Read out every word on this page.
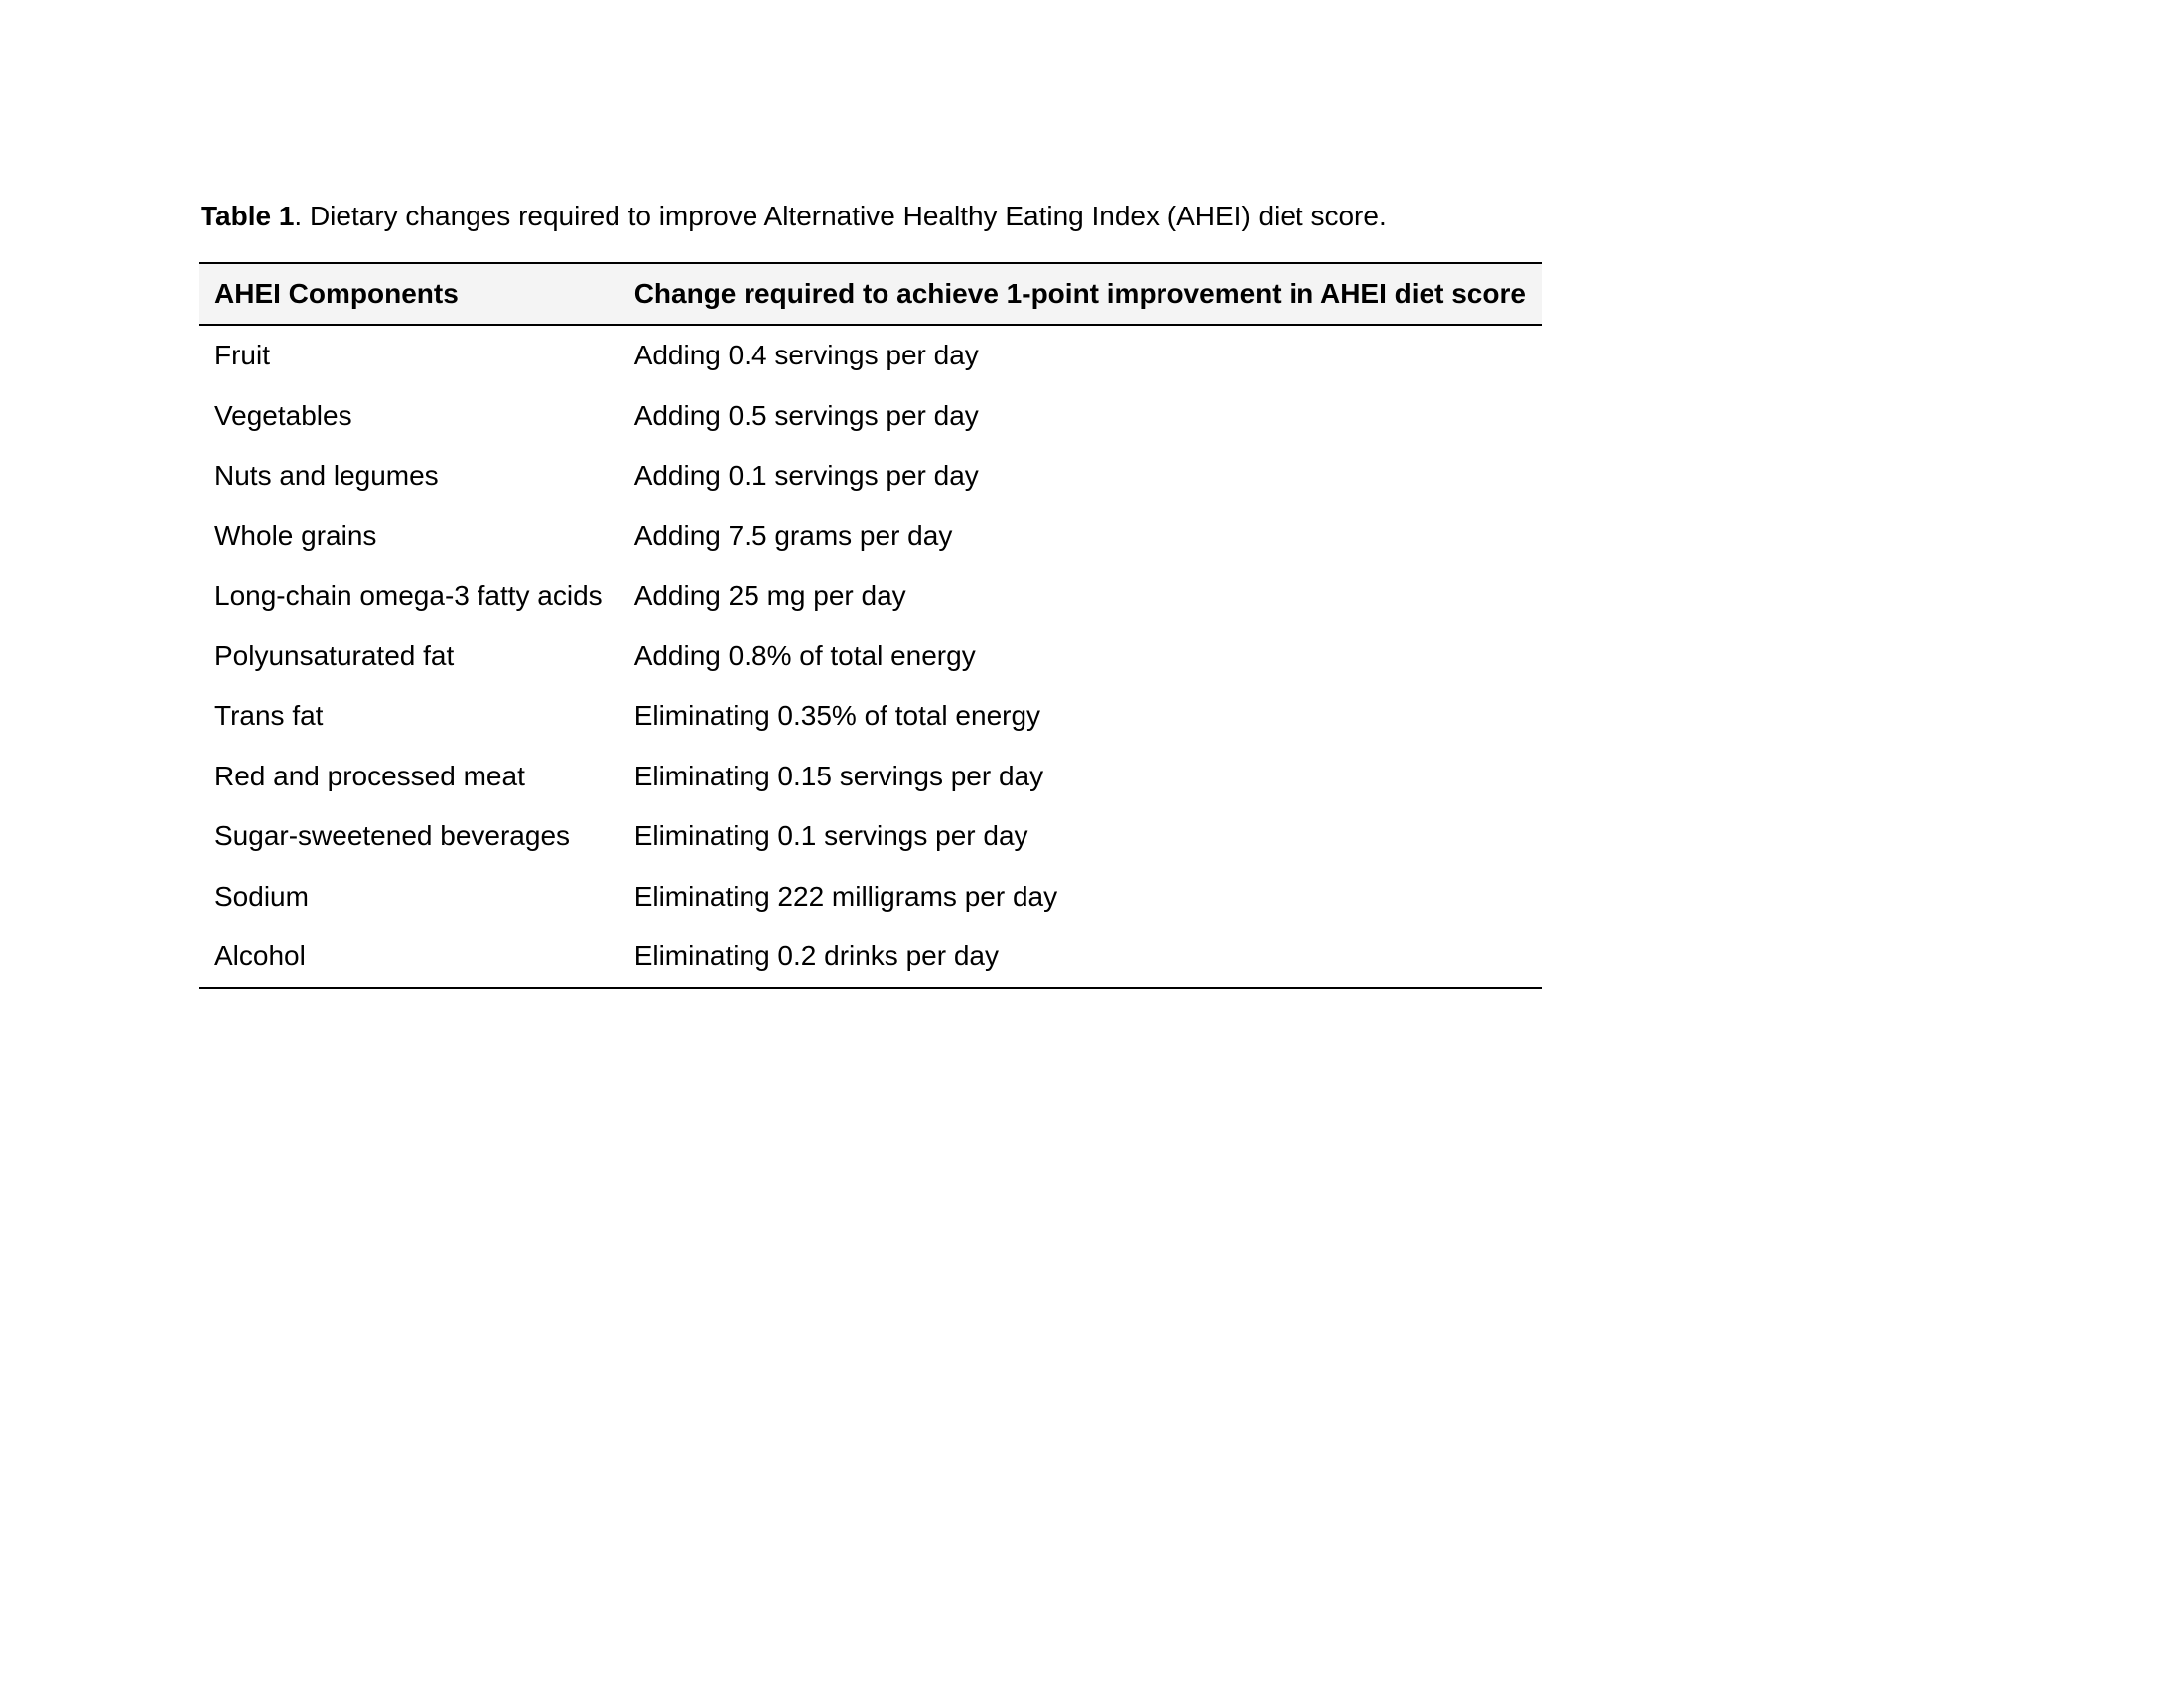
Table 1. Dietary changes required to improve Alternative Healthy Eating Index (AHEI) diet score.
AHEI Components	Change required to achieve 1-point improvement in AHEI diet score
Fruit	Adding 0.4 servings per day
Vegetables	Adding 0.5 servings per day
Nuts and legumes	Adding 0.1 servings per day
Whole grains	Adding 7.5 grams per day
Long-chain omega-3 fatty acids	Adding 25 mg per day
Polyunsaturated fat	Adding 0.8% of total energy
Trans fat	Eliminating 0.35% of total energy
Red and processed meat	Eliminating 0.15 servings per day
Sugar-sweetened beverages	Eliminating 0.1 servings per day
Sodium	Eliminating 222 milligrams per day
Alcohol	Eliminating 0.2 drinks per day
